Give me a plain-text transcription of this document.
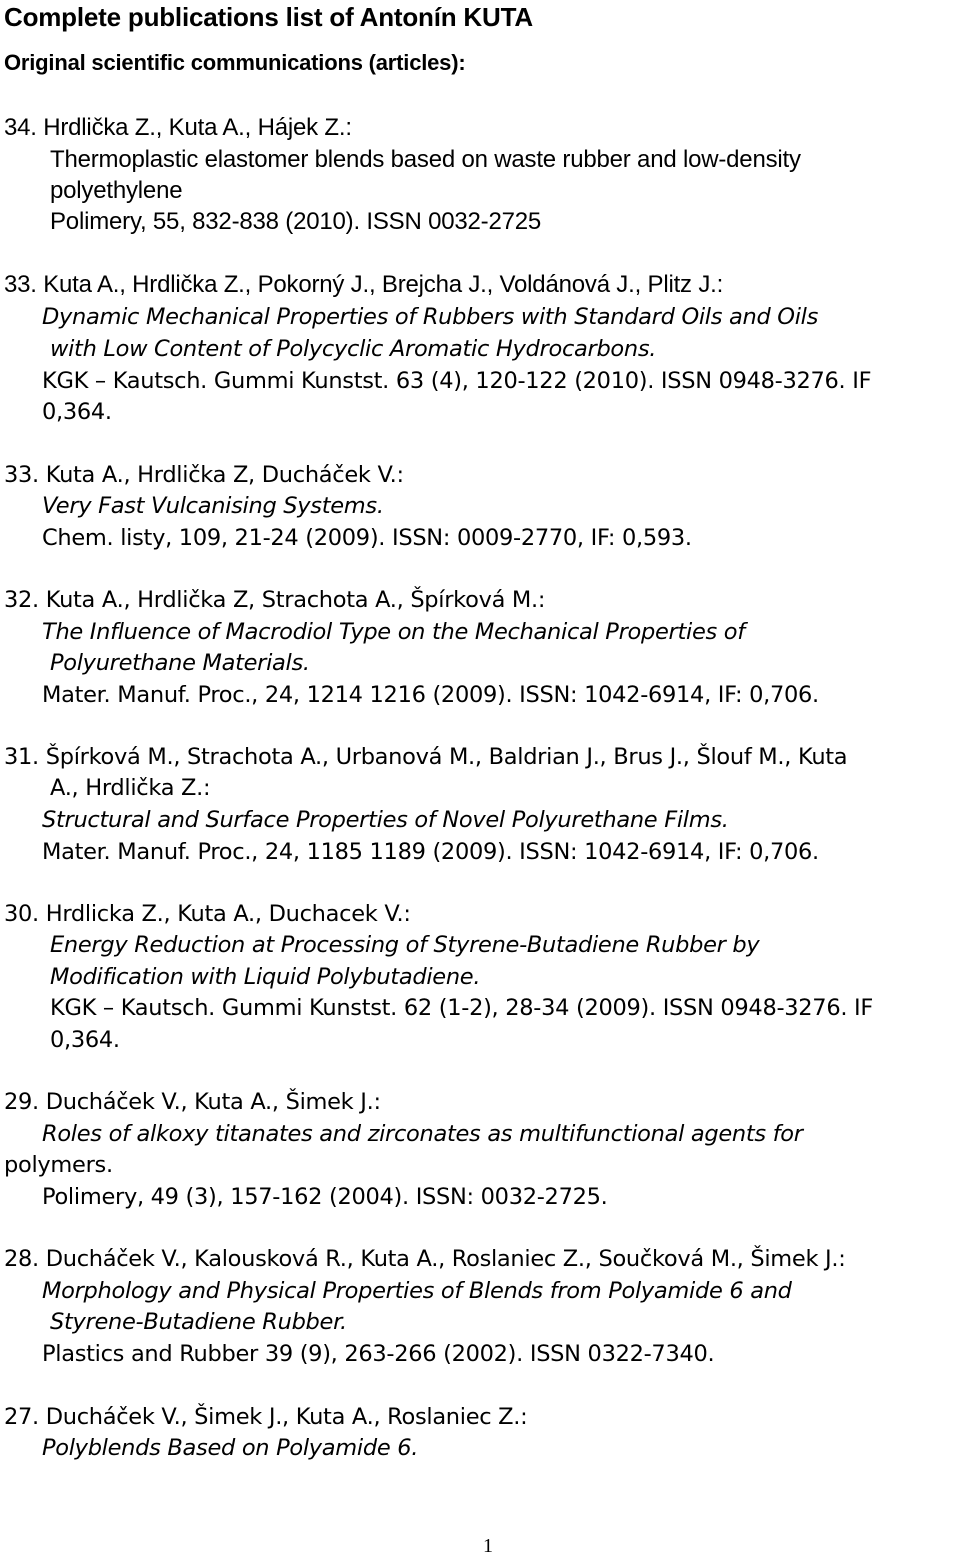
Complete publications list of Antonín KUTA
Original scientific communications (articles):
34. Hrdlička Z., Kuta A., Hájek Z.:
Thermoplastic elastomer blends based on waste rubber and low-density
polyethylene
Polimery, 55, 832-838 (2010). ISSN 0032-2725
33. Kuta A., Hrdlička Z., Pokorný J., Brejcha J., Voldánová J., Plitz J.:
Dynamic Mechanical Properties of Rubbers with Standard Oils and Oils
with Low Content of Polycyclic Aromatic Hydrocarbons.
KGK – Kautsch. Gummi Kunstst. 63 (4), 120-122 (2010). ISSN 0948-3276. IF
0,364.
33. Kuta A., Hrdlička Z, Ducháček V.:
Very Fast Vulcanising Systems.
Chem. listy, 109, 21-24 (2009). ISSN: 0009-2770, IF: 0,593.
32. Kuta A., Hrdlička Z, Strachota A., Špírková M.:
The Influence of Macrodiol Type on the Mechanical Properties of
Polyurethane Materials.
Mater. Manuf. Proc., 24, 1214 1216 (2009). ISSN: 1042-6914, IF: 0,706.
31. Špírková M., Strachota A., Urbanová M., Baldrian J., Brus J., Šlouf M., Kuta
A., Hrdlička Z.:
Structural and Surface Properties of Novel Polyurethane Films.
Mater. Manuf. Proc., 24, 1185 1189 (2009). ISSN: 1042-6914, IF: 0,706.
30. Hrdlicka Z., Kuta A., Duchacek V.:
Energy Reduction at Processing of Styrene-Butadiene Rubber by
Modification with Liquid Polybutadiene.
KGK – Kautsch. Gummi Kunstst. 62 (1-2), 28-34 (2009). ISSN 0948-3276. IF
0,364.
29. Ducháček V., Kuta A., Šimek J.:
Roles of alkoxy titanates and zirconates as multifunctional agents for
polymers.
Polimery, 49 (3), 157-162 (2004). ISSN: 0032-2725.
28. Ducháček V., Kalousková R., Kuta A., Roslaniec Z., Součková M., Šimek J.:
Morphology and Physical Properties of Blends from Polyamide 6 and
Styrene-Butadiene Rubber.
Plastics and Rubber 39 (9), 263-266 (2002). ISSN 0322-7340.
27. Ducháček V., Šimek J., Kuta A., Roslaniec Z.:
Polyblends Based on Polyamide 6.
1
